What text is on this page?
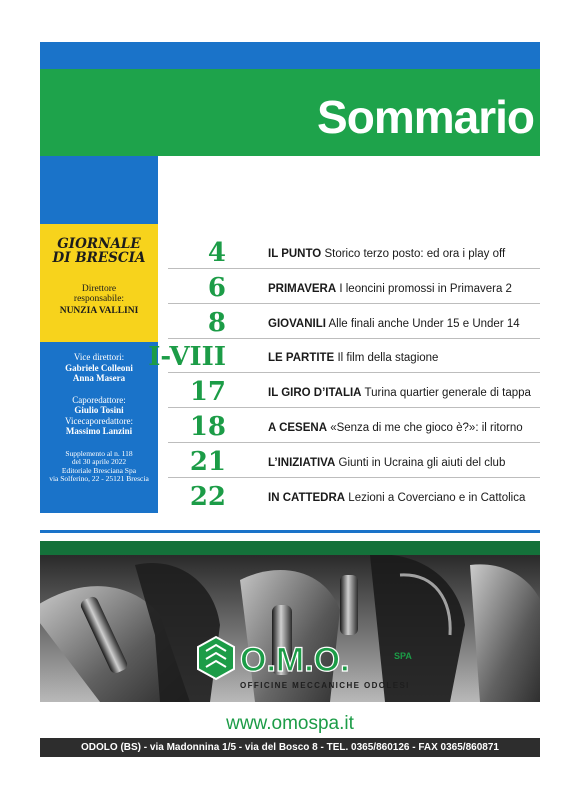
Sommario
GIORNALE
DI BRESCIA
Direttore
responsabile:
NUNZIA VALLINI
Vice direttori:
Gabriele Colleoni
Anna Masera
Caporedattore:
Giulio Tosini
Vicecaporedattore:
Massimo Lanzini
Supplemento al n. 118
del 30 aprile 2022
Editoriale Bresciana Spa
via Solferino, 22 - 25121 Brescia
4	IL PUNTO Storico terzo posto: ed ora i play off
6	PRIMAVERA I leoncini promossi in Primavera 2
8	GIOVANILI Alle finali anche Under 15 e Under 14
I-VIII	LE PARTITE Il film della stagione
17	IL GIRO D’ITALIA Turina quartier generale di tappa
18	A CESENA «Senza di me che gioco è?»: il ritorno
21	L’INIZIATIVA Giunti in Ucraina gli aiuti del club
22	IN CATTEDRA Lezioni a Coverciano e in Cattolica
O.M.O.	SPA
OFFICINE MECCANICHE ODOLESI
www.omospa.it
ODOLO (BS) - via Madonnina 1/5 - via del Bosco 8 - TEL. 0365/860126 - FAX 0365/860871
